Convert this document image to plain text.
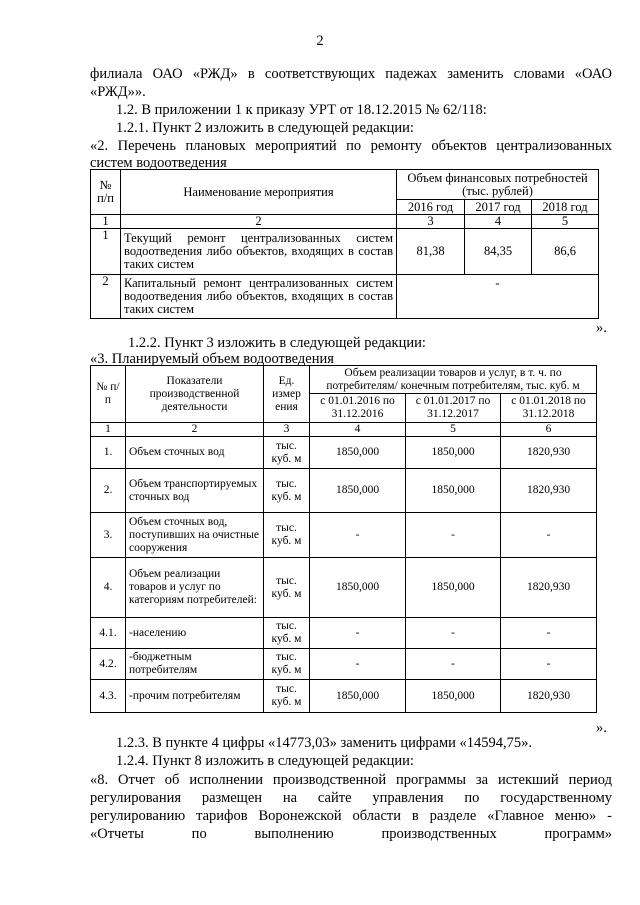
2
филиала ОАО «РЖД» в соответствующих падежах заменить словами «ОАО
«РЖД»».
1.2. В приложении 1 к приказу УРТ от 18.12.2015 № 62/118:
1.2.1. Пункт 2 изложить в следующей редакции:
«2. Перечень плановых мероприятий по ремонту объектов централизованных
систем водоотведения
№ п/п	Наименование мероприятия	Объем финансовых потребностей (тыс. рублей)		
		2016 год	2017 год	2018 год
1	2	3	4	5
1	Текущий ремонт централизованных систем водоотведения либо объектов, входящих в состав таких систем	81,38	84,35	86,6
2	Капитальный ремонт централизованных систем водоотведения либо объектов, входящих в состав таких систем	-		
».
1.2.2. Пункт 3 изложить в следующей редакции:
«3. Планируемый объем водоотведения
№ п/п	Показатели производственной деятельности	Ед. измер ения	Объем реализации товаров и услуг, в т. ч. по потребителям/ конечным потребителям, тыс. куб. м		
			с 01.01.2016 по 31.12.2016	с 01.01.2017 по 31.12.2017	с 01.01.2018 по 31.12.2018
1	2	3	4	5	6
1.	Объем сточных вод	тыс. куб. м	1850,000	1850,000	1820,930
2.	Объем транспортируемых сточных вод	тыс. куб. м	1850,000	1850,000	1820,930
3.	Объем сточных вод, поступивших на очистные сооружения	тыс. куб. м	-	-	-
4.	Объем реализации товаров и услуг по категориям потребителей:	тыс. куб. м	1850,000	1850,000	1820,930
4.1.	-населению	тыс. куб. м	-	-	-
4.2.	-бюджетным потребителям	тыс. куб. м	-	-	-
4.3.	-прочим потребителям	тыс. куб. м	1850,000	1850,000	1820,930
».
1.2.3. В пункте 4 цифры «14773,03» заменить цифрами «14594,75».
1.2.4. Пункт 8 изложить в следующей редакции:
«8. Отчет об исполнении производственной программы за истекший период
регулирования размещен на сайте управления по государственному
регулированию тарифов Воронежской области в разделе «Главное меню» -
«Отчеты по выполнению производственных программ»
